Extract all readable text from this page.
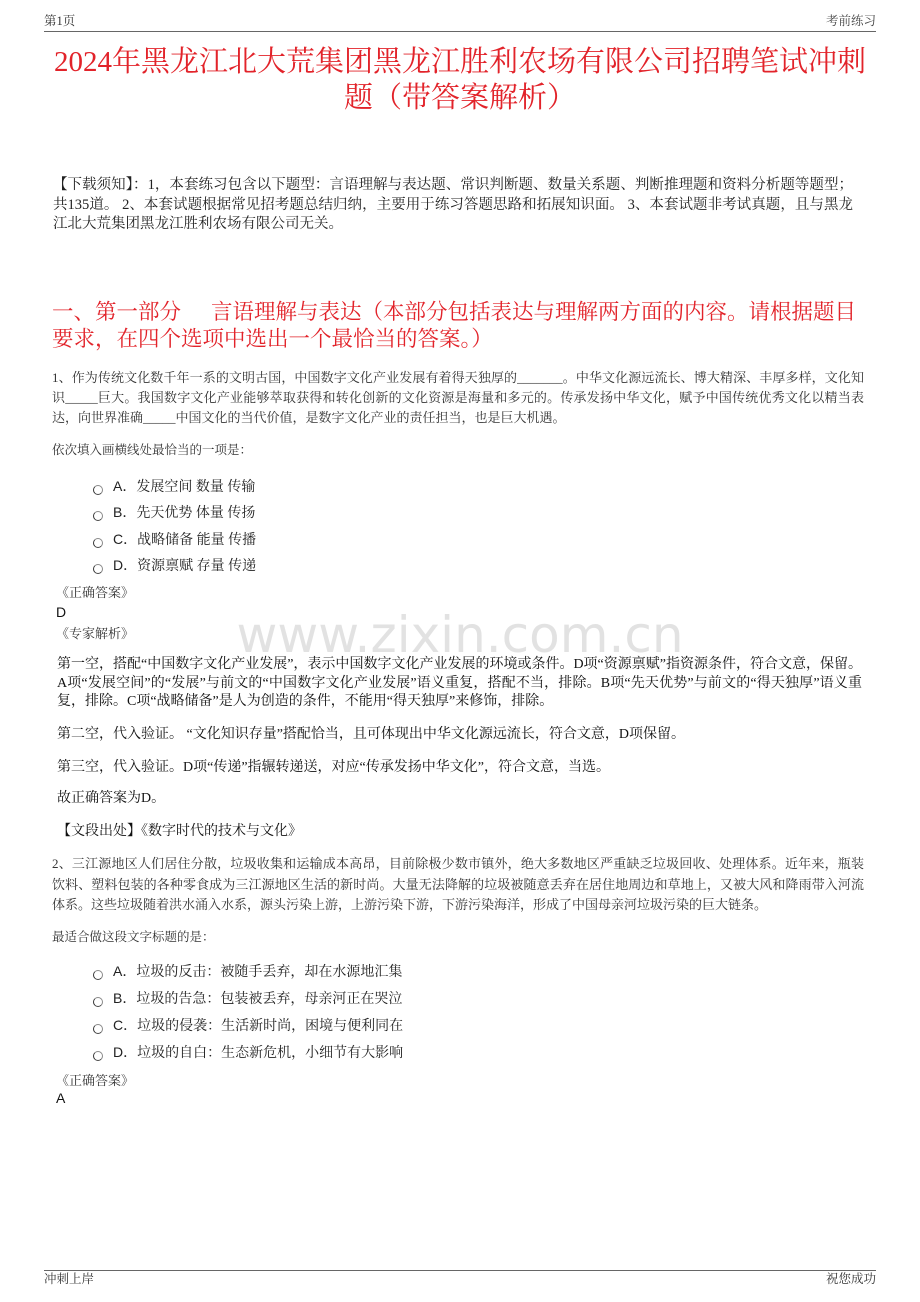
第1页	考前练习
2024年黑龙江北大荒集团黑龙江胜利农场有限公司招聘笔试冲刺题（带答案解析）

【下载须知】：1，本套练习包含以下题型：言语理解与表达题、常识判断题、数量关系题、判断推理题和资料分析题等题型；共135道。 2、本套试题根据常见招考题总结归纳，主要用于练习答题思路和拓展知识面。 3、本套试题非考试真题，且与黑龙江北大荒集团黑龙江胜利农场有限公司无关。

一、第一部分 言语理解与表达（本部分包括表达与理解两方面的内容。请根据题目要求，在四个选项中选出一个最恰当的答案。）
www.zixin.com.cn

1、作为传统文化数千年一系的文明古国，中国数字文化产业发展有着得天独厚的_______。中华文化源远流长、博大精深、丰厚多样，文化知识_____巨大。我国数字文化产业能够萃取获得和转化创新的文化资源是海量和多元的。传承发扬中华文化，赋予中国传统优秀文化以精当表达，向世界准确_____中国文化的当代价值，是数字文化产业的责任担当，也是巨大机遇。

依次填入画横线处最恰当的一项是：

A．发展空间 数量 传输
B．先天优势 体量 传扬
C．战略储备 能量 传播
D．资源禀赋 存量 传递
《正确答案》
D
《专家解析》

第一空，搭配“中国数字文化产业发展”，表示中国数字文化产业发展的环境或条件。D项“资源禀赋”指资源条件，符合文意，保留。A项“发展空间”的“发展”与前文的“中国数字文化产业发展”语义重复，搭配不当，排除。B项“先天优势”与前文的“得天独厚”语义重复，排除。C项“战略储备”是人为创造的条件，不能用“得天独厚”来修饰，排除。

第二空，代入验证。 “文化知识存量”搭配恰当，且可体现出中华文化源远流长，符合文意，D项保留。

第三空，代入验证。D项“传递”指辗转递送，对应“传承发扬中华文化”，符合文意，当选。

故正确答案为D。

【文段出处】《数字时代的技术与文化》

2、三江源地区人们居住分散，垃圾收集和运输成本高昂，目前除极少数市镇外，绝大多数地区严重缺乏垃圾回收、处理体系。近年来，瓶装饮料、塑料包装的各种零食成为三江源地区生活的新时尚。大量无法降解的垃圾被随意丢弃在居住地周边和草地上，又被大风和降雨带入河流体系。这些垃圾随着洪水涌入水系，源头污染上游，上游污染下游，下游污染海洋，形成了中国母亲河垃圾污染的巨大链条。

最适合做这段文字标题的是：

A．垃圾的反击：被随手丢弃，却在水源地汇集
B．垃圾的告急：包装被丢弃，母亲河正在哭泣
C．垃圾的侵袭：生活新时尚，困境与便利同在
D．垃圾的自白：生态新危机，小细节有大影响
《正确答案》
A
冲刺上岸	祝您成功
